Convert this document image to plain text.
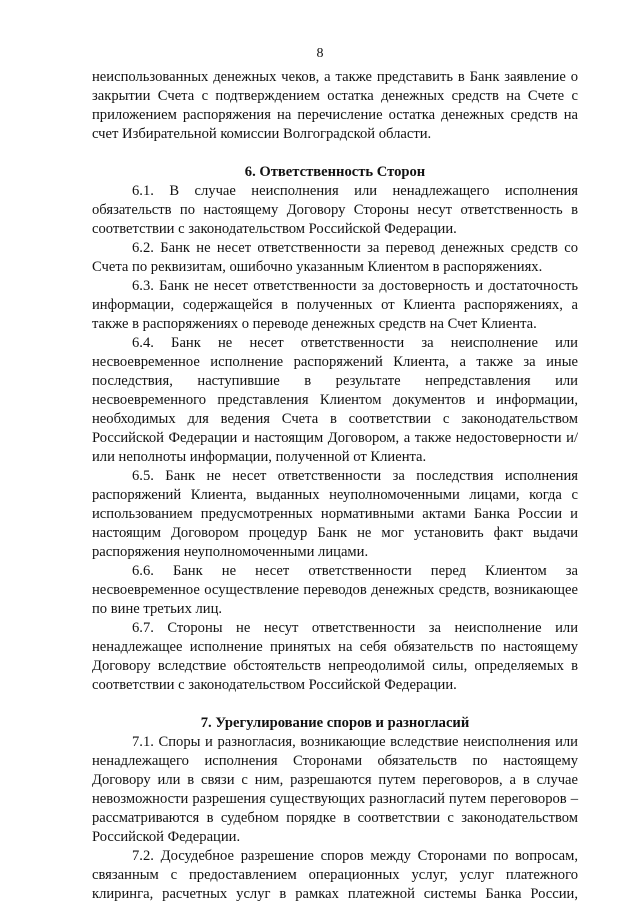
8

неиспользованных денежных чеков, а также представить в Банк заявление о закрытии Счета с подтверждением остатка денежных средств на Счете с приложением распоряжения на перечисление остатка денежных средств на счет Избирательной комиссии Волгоградской области.

6. Ответственность Сторон

6.1. В случае неисполнения или ненадлежащего исполнения обязательств по настоящему Договору Стороны несут ответственность в соответствии с законодательством Российской Федерации.

6.2. Банк не несет ответственности за перевод денежных средств со Счета по реквизитам, ошибочно указанным Клиентом в распоряжениях.

6.3. Банк не несет ответственности за достоверность и достаточность информации, содержащейся в полученных от Клиента распоряжениях, а также в распоряжениях о переводе денежных средств на Счет Клиента.

6.4. Банк не несет ответственности за неисполнение или несвоевременное исполнение распоряжений Клиента, а также за иные последствия, наступившие в результате непредставления или несвоевременного представления Клиентом документов и информации, необходимых для ведения Счета в соответствии с законодательством Российской Федерации и настоящим Договором, а также недостоверности и/или неполноты информации, полученной от Клиента.

6.5. Банк не несет ответственности за последствия исполнения распоряжений Клиента, выданных неуполномоченными лицами, когда с использованием предусмотренных нормативными актами Банка России и настоящим Договором процедур Банк не мог установить факт выдачи распоряжения неуполномоченными лицами.

6.6. Банк не несет ответственности перед Клиентом за несвоевременное осуществление переводов денежных средств, возникающее по вине третьих лиц.

6.7. Стороны не несут ответственности за неисполнение или ненадлежащее исполнение принятых на себя обязательств по настоящему Договору вследствие обстоятельств непреодолимой силы, определяемых в соответствии с законодательством Российской Федерации.

7. Урегулирование споров и разногласий

7.1. Споры и разногласия, возникающие вследствие неисполнения или ненадлежащего исполнения Сторонами обязательств по настоящему Договору или в связи с ним, разрешаются путем переговоров, а в случае невозможности разрешения существующих разногласий путем переговоров – рассматриваются в судебном порядке в соответствии с законодательством Российской Федерации.

7.2. Досудебное разрешение споров между Сторонами по вопросам, связанным с предоставлением операционных услуг, услуг платежного клиринга, расчетных услуг в рамках платежной системы Банка России,
